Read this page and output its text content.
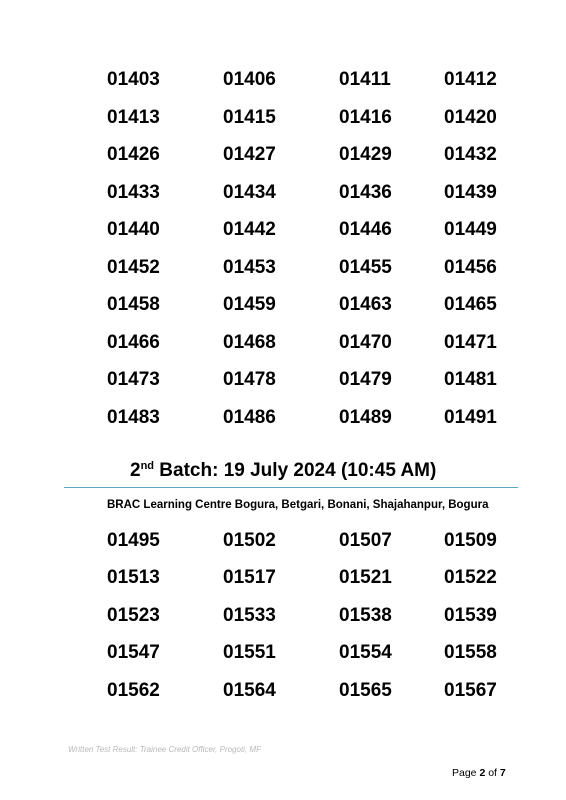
01403	01406	01411	01412
01413	01415	01416	01420
01426	01427	01429	01432
01433	01434	01436	01439
01440	01442	01446	01449
01452	01453	01455	01456
01458	01459	01463	01465
01466	01468	01470	01471
01473	01478	01479	01481
01483	01486	01489	01491
2nd Batch: 19 July 2024 (10:45 AM)
BRAC Learning Centre Bogura, Betgari, Bonani, Shajahanpur, Bogura
01495	01502	01507	01509
01513	01517	01521	01522
01523	01533	01538	01539
01547	01551	01554	01558
01562	01564	01565	01567
Written Test Result: Trainee Credit Officer, Progoti, MF
Page 2 of 7
